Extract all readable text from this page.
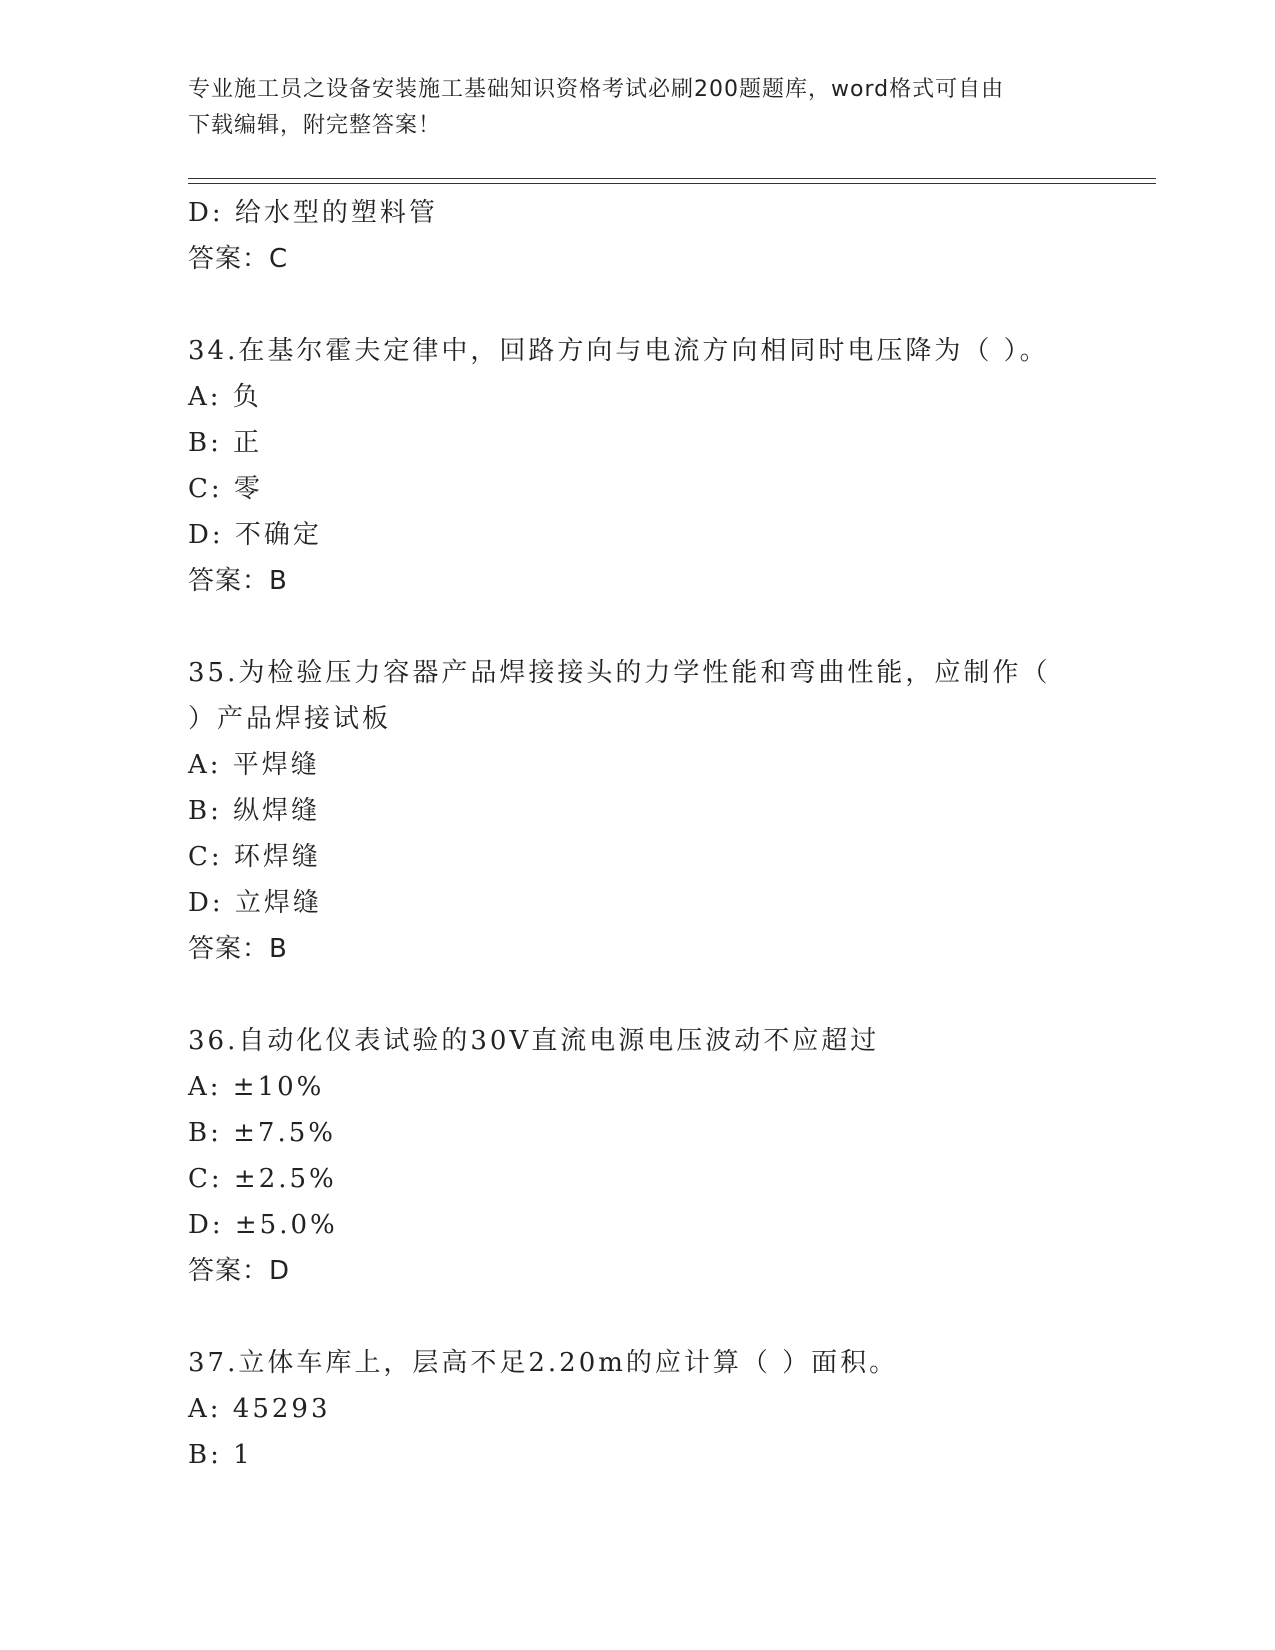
专业施工员之设备安装施工基础知识资格考试必刷200题题库，word格式可自由
下载编辑，附完整答案！
D: 给水型的塑料管
答案：C
34.在基尔霍夫定律中，回路方向与电流方向相同时电压降为（ ）。
A: 负
B: 正
C: 零
D: 不确定
答案：B
35.为检验压力容器产品焊接接头的力学性能和弯曲性能，应制作（
）产品焊接试板
A: 平焊缝
B: 纵焊缝
C: 环焊缝
D: 立焊缝
答案：B
36.自动化仪表试验的30V直流电源电压波动不应超过
A: ±10%
B: ±7.5%
C: ±2.5%
D: ±5.0%
答案：D
37.立体车库上，层高不足2.20m的应计算（ ）面积。
A: 45293
B: 1
